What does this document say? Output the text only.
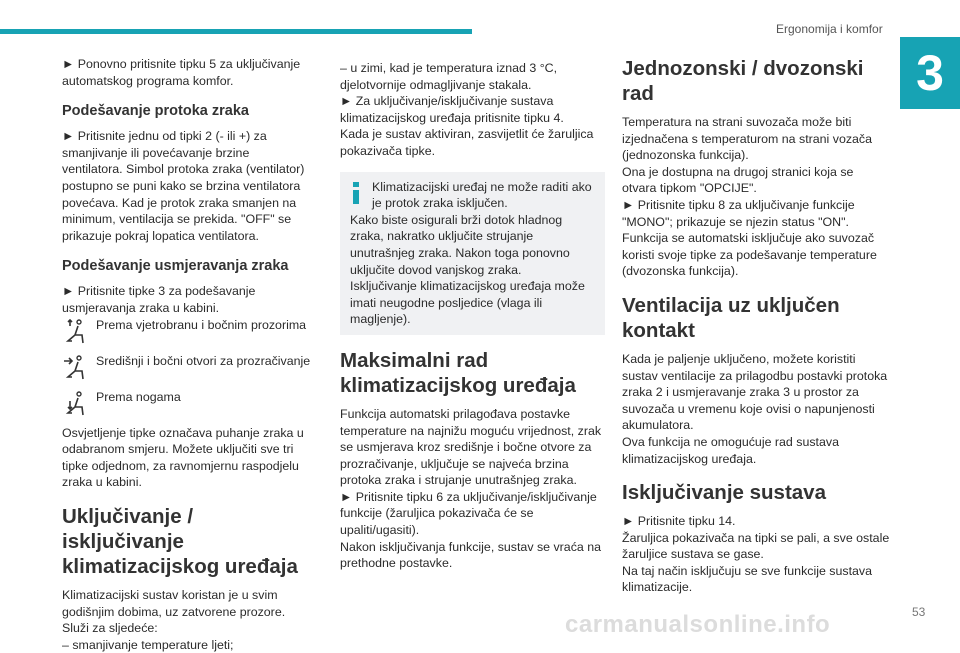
Ergonomija i komfor
3

► Ponovno pritisnite tipku 5 za uključivanje automatskog programa komfor.

Podešavanje protoka zraka

► Pritisnite jednu od tipki 2 (- ili +) za smanjivanje ili povećavanje brzine ventilatora. Simbol protoka zraka (ventilator) postupno se puni kako se brzina ventilatora povećava. Kad je protok zraka smanjen na minimum, ventilacija se prekida. "OFF" se prikazuje pokraj lopatica ventilatora.

Podešavanje usmjeravanja zraka

► Pritisnite tipke 3 za podešavanje usmjeravanja zraka u kabini.

Prema vjetrobranu i bočnim prozorima
Središnji i bočni otvori za prozračivanje
Prema nogama

Osvjetljenje tipke označava puhanje zraka u odabranom smjeru. Možete uključiti sve tri tipke odjednom, za ravnomjernu raspodjelu zraka u kabini.

Uključivanje / isključivanje klimatizacijskog uređaja

Klimatizacijski sustav koristan je u svim godišnjim dobima, uz zatvorene prozore. Služi za sljedeće:

– smanjivanje temperature ljeti;

– u zimi, kad je temperatura iznad 3 °C, djelotvornije odmagljivanje stakala.

► Za uključivanje/isključivanje sustava klimatizacijskog uređaja pritisnite tipku 4.

Kada je sustav aktiviran, zasvijetlit će žaruljica pokazivača tipke.

Klimatizacijski uređaj ne može raditi ako je protok zraka isključen.

Kako biste osigurali brži dotok hladnog zraka, nakratko uključite strujanje unutrašnjeg zraka. Nakon toga ponovno uključite dovod vanjskog zraka.

Isključivanje klimatizacijskog uređaja može imati neugodne posljedice (vlaga ili magljenje).

Maksimalni rad klimatizacijskog uređaja

Funkcija automatski prilagođava postavke temperature na najnižu moguću vrijednost, zrak se usmjerava kroz središnje i bočne otvore za prozračivanje, uključuje se najveća brzina protoka zraka i strujanje unutrašnjeg zraka.

► Pritisnite tipku 6 za uključivanje/isključivanje funkcije (žaruljica pokazivača će se upaliti/ugasiti).

Nakon isključivanja funkcije, sustav se vraća na prethodne postavke.

Jednozonski / dvozonski rad

Temperatura na strani suvozača može biti izjednačena s temperaturom na strani vozača (jednozonska funkcija).

Ona je dostupna na drugoj stranici koja se otvara tipkom "OPCIJE".

► Pritisnite tipku 8 za uključivanje funkcije "MONO"; prikazuje se njezin status "ON".

Funkcija se automatski isključuje ako suvozač koristi svoje tipke za podešavanje temperature (dvozonska funkcija).

Ventilacija uz uključen kontakt

Kada je paljenje uključeno, možete koristiti sustav ventilacije za prilagodbu postavki protoka zraka 2 i usmjeravanje zraka 3 u prostor za suvozača u vremenu koje ovisi o napunjenosti akumulatora.

Ova funkcija ne omogućuje rad sustava klimatizacijskog uređaja.

Isključivanje sustava

► Pritisnite tipku 14.

Žaruljica pokazivača na tipki se pali, a sve ostale žaruljice sustava se gase.

Na taj način isključuju se sve funkcije sustava klimatizacije.

carmanualsonline.info	53
